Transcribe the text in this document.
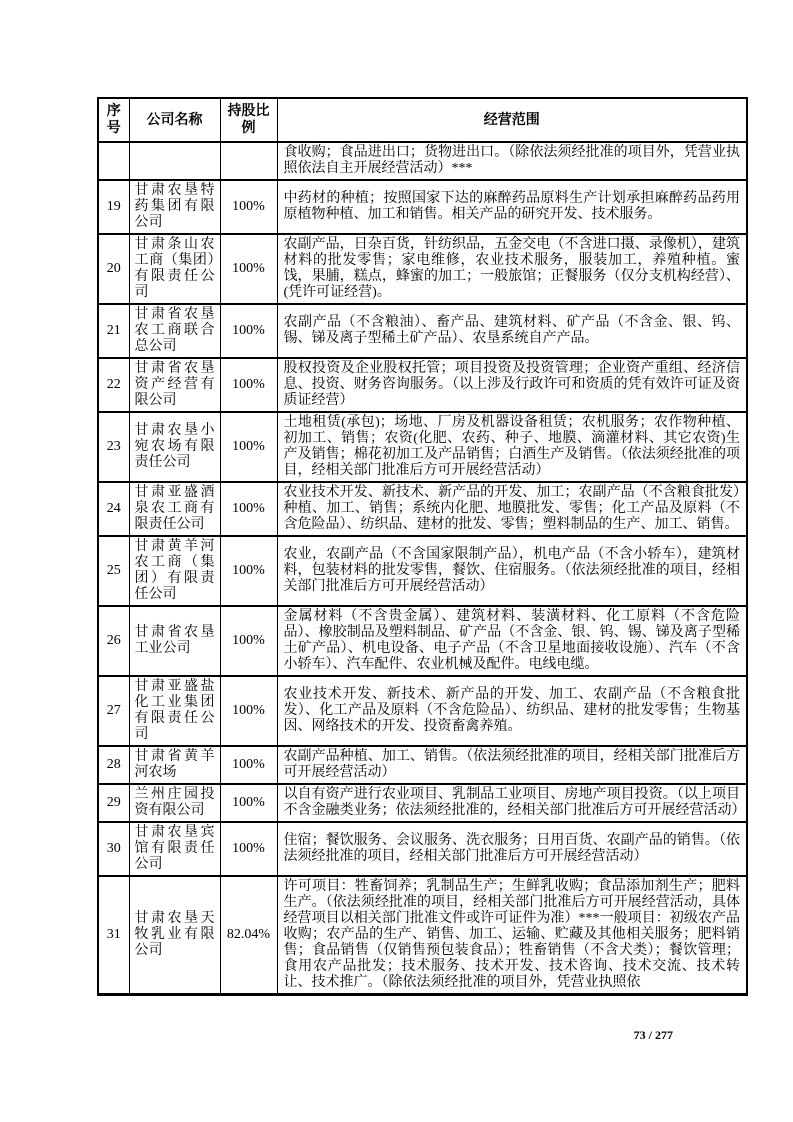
序号	公司名称	持股比例	经营范围
			食收购；食品进出口；货物进出口。（除依法须经批准的项目外，凭营业执照依法自主开展经营活动）***
19	甘肃农垦特药集团有限公司	100%	中药材的种植；按照国家下达的麻醉药品原料生产计划承担麻醉药品药用原植物种植、加工和销售。相关产品的研究开发、技术服务。
20	甘肃条山农工商（集团）有限责任公司	100%	农副产品，日杂百货，针纺织品，五金交电（不含进口摄、录像机），建筑材料的批发零售；家电维修，农业技术服务，服装加工，养殖种植。蜜饯，果脯，糕点，蜂蜜的加工；一般旅馆；正餐服务（仅分支机构经营）、(凭许可证经营)。
21	甘肃省农垦农工商联合总公司	100%	农副产品（不含粮油）、畜产品、建筑材料、矿产品（不含金、银、钨、锡、锑及离子型稀土矿产品）、农垦系统自产产品。
22	甘肃省农垦资产经营有限公司	100%	股权投资及企业股权托管；项目投资及投资管理；企业资产重组、经济信息、投资、财务咨询服务。（以上涉及行政许可和资质的凭有效许可证及资质证经营）
23	甘肃农垦小宛农场有限责任公司	100%	土地租赁(承包)；场地、厂房及机器设备租赁；农机服务；农作物种植、初加工、销售；农资(化肥、农药、种子、地膜、滴灌材料、其它农资)生产及销售；棉花初加工及产品销售；白酒生产及销售。（依法须经批准的项目，经相关部门批准后方可开展经营活动）
24	甘肃亚盛酒泉农工商有限责任公司	100%	农业技术开发、新技术、新产品的开发、加工；农副产品（不含粮食批发）种植、加工、销售；系统内化肥、地膜批发、零售；化工产品及原料（不含危险品）、纺织品、建材的批发、零售；塑料制品的生产、加工、销售。
25	甘肃黄羊河农工商（集团）有限责任公司	100%	农业，农副产品（不含国家限制产品），机电产品（不含小轿车），建筑材料，包装材料的批发零售，餐饮、住宿服务。（依法须经批准的项目，经相关部门批准后方可开展经营活动）
26	甘肃省农垦工业公司	100%	金属材料（不含贵金属）、建筑材料、装潢材料、化工原料（不含危险品）、橡胶制品及塑料制品、矿产品（不含金、银、钨、锡、锑及离子型稀土矿产品）、机电设备、电子产品（不含卫星地面接收设施）、汽车（不含小轿车）、汽车配件、农业机械及配件。电线电缆。
27	甘肃亚盛盐化工业集团有限责任公司	100%	农业技术开发、新技术、新产品的开发、加工、农副产品（不含粮食批发）、化工产品及原料（不含危险品）、纺织品、建材的批发零售；生物基因、网络技术的开发、投资畜禽养殖。
28	甘肃省黄羊河农场	100%	农副产品种植、加工、销售。（依法须经批准的项目，经相关部门批准后方可开展经营活动）
29	兰州庄园投资有限公司	100%	以自有资产进行农业项目、乳制品工业项目、房地产项目投资。（以上项目不含金融类业务；依法须经批准的，经相关部门批准后方可开展经营活动）
30	甘肃农垦宾馆有限责任公司	100%	住宿；餐饮服务、会议服务、洗衣服务；日用百货、农副产品的销售。（依法须经批准的项目，经相关部门批准后方可开展经营活动）
31	甘肃农垦天牧乳业有限公司	82.04%	许可项目：牲畜饲养；乳制品生产；生鲜乳收购；食品添加剂生产；肥料生产。（依法须经批准的项目，经相关部门批准后方可开展经营活动，具体经营项目以相关部门批准文件或许可证件为准）***一般项目：初级农产品收购；农产品的生产、销售、加工、运输、贮藏及其他相关服务；肥料销售；食品销售（仅销售预包装食品）；牲畜销售（不含犬类）；餐饮管理；食用农产品批发；技术服务、技术开发、技术咨询、技术交流、技术转让、技术推广。（除依法须经批准的项目外，凭营业执照依
73 / 277
